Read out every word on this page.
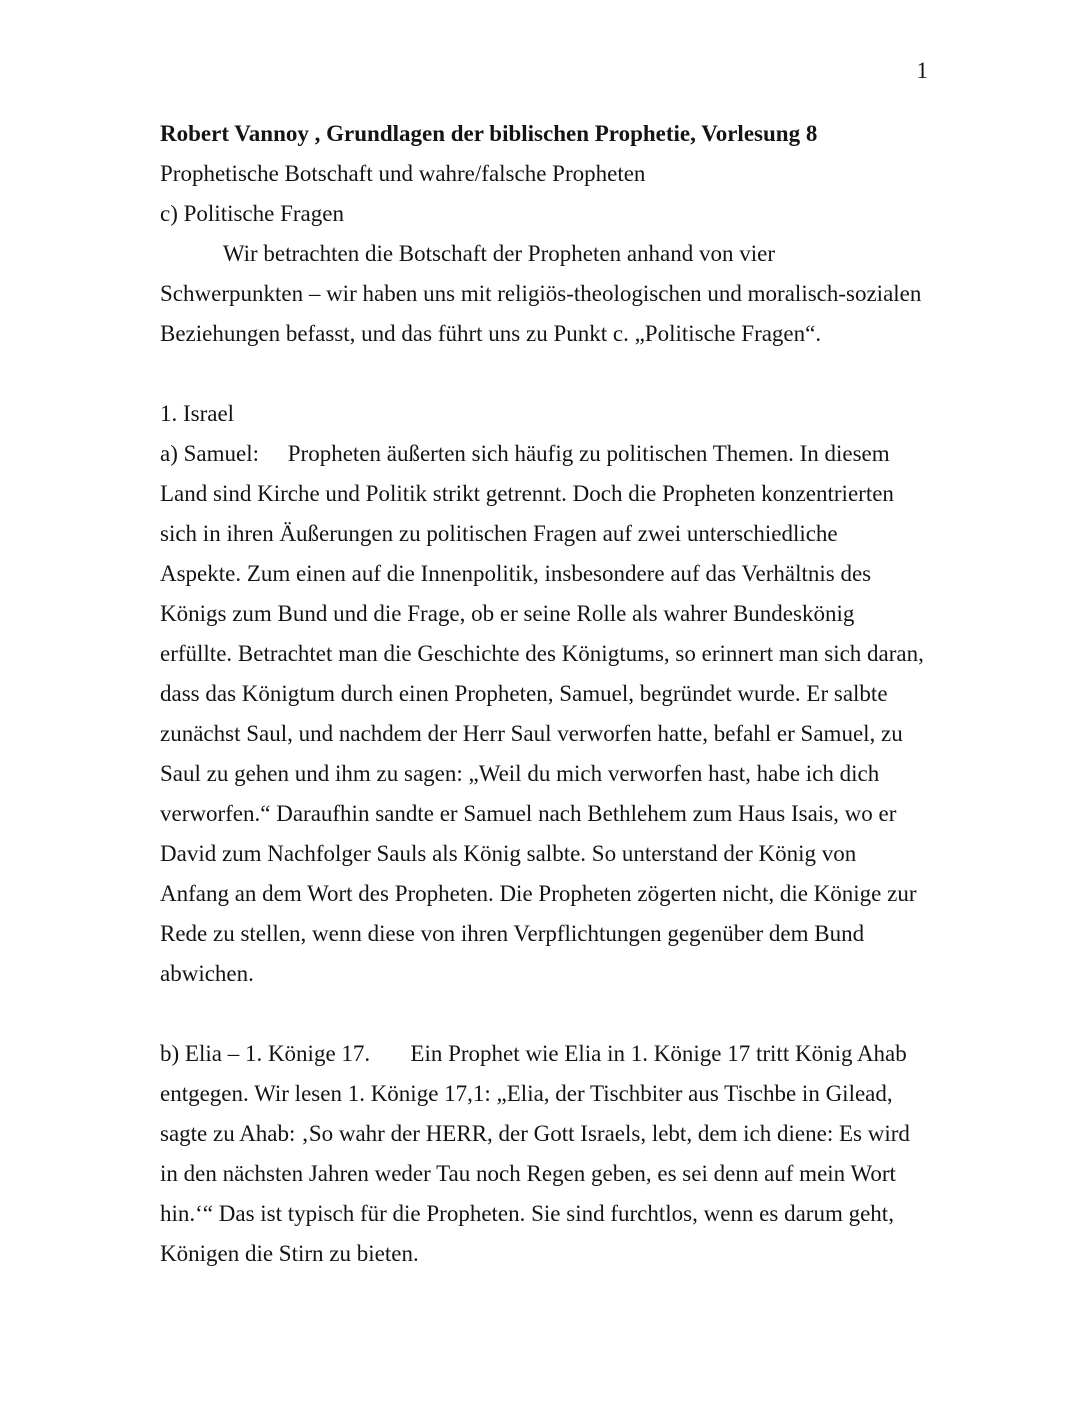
1
Robert Vannoy , Grundlagen der biblischen Prophetie, Vorlesung 8
Prophetische Botschaft und wahre/falsche Propheten
c) Politische Fragen
Wir betrachten die Botschaft der Propheten anhand von vier
Schwerpunkten – wir haben uns mit religiös-theologischen und moralisch-sozialen
Beziehungen befasst, und das führt uns zu Punkt c. „Politische Fragen“.
1. Israel
a) Samuel:     Propheten äußerten sich häufig zu politischen Themen. In diesem
Land sind Kirche und Politik strikt getrennt. Doch die Propheten konzentrierten
sich in ihren Äußerungen zu politischen Fragen auf zwei unterschiedliche
Aspekte. Zum einen auf die Innenpolitik, insbesondere auf das Verhältnis des
Königs zum Bund und die Frage, ob er seine Rolle als wahrer Bundeskönig
erfüllte. Betrachtet man die Geschichte des Königtums, so erinnert man sich daran,
dass das Königtum durch einen Propheten, Samuel, begründet wurde. Er salbte
zunächst Saul, und nachdem der Herr Saul verworfen hatte, befahl er Samuel, zu
Saul zu gehen und ihm zu sagen: „Weil du mich verworfen hast, habe ich dich
verworfen.“ Daraufhin sandte er Samuel nach Bethlehem zum Haus Isais, wo er
David zum Nachfolger Sauls als König salbte. So unterstand der König von
Anfang an dem Wort des Propheten. Die Propheten zögerten nicht, die Könige zur
Rede zu stellen, wenn diese von ihren Verpflichtungen gegenüber dem Bund
abwichen.
b) Elia – 1. Könige 17.       Ein Prophet wie Elia in 1. Könige 17 tritt König Ahab
entgegen. Wir lesen 1. Könige 17,1: „Elia, der Tischbiter aus Tischbe in Gilead,
sagte zu Ahab: ‚So wahr der HERR, der Gott Israels, lebt, dem ich diene: Es wird
in den nächsten Jahren weder Tau noch Regen geben, es sei denn auf mein Wort
hin.‘“ Das ist typisch für die Propheten. Sie sind furchtlos, wenn es darum geht,
Königen die Stirn zu bieten.
